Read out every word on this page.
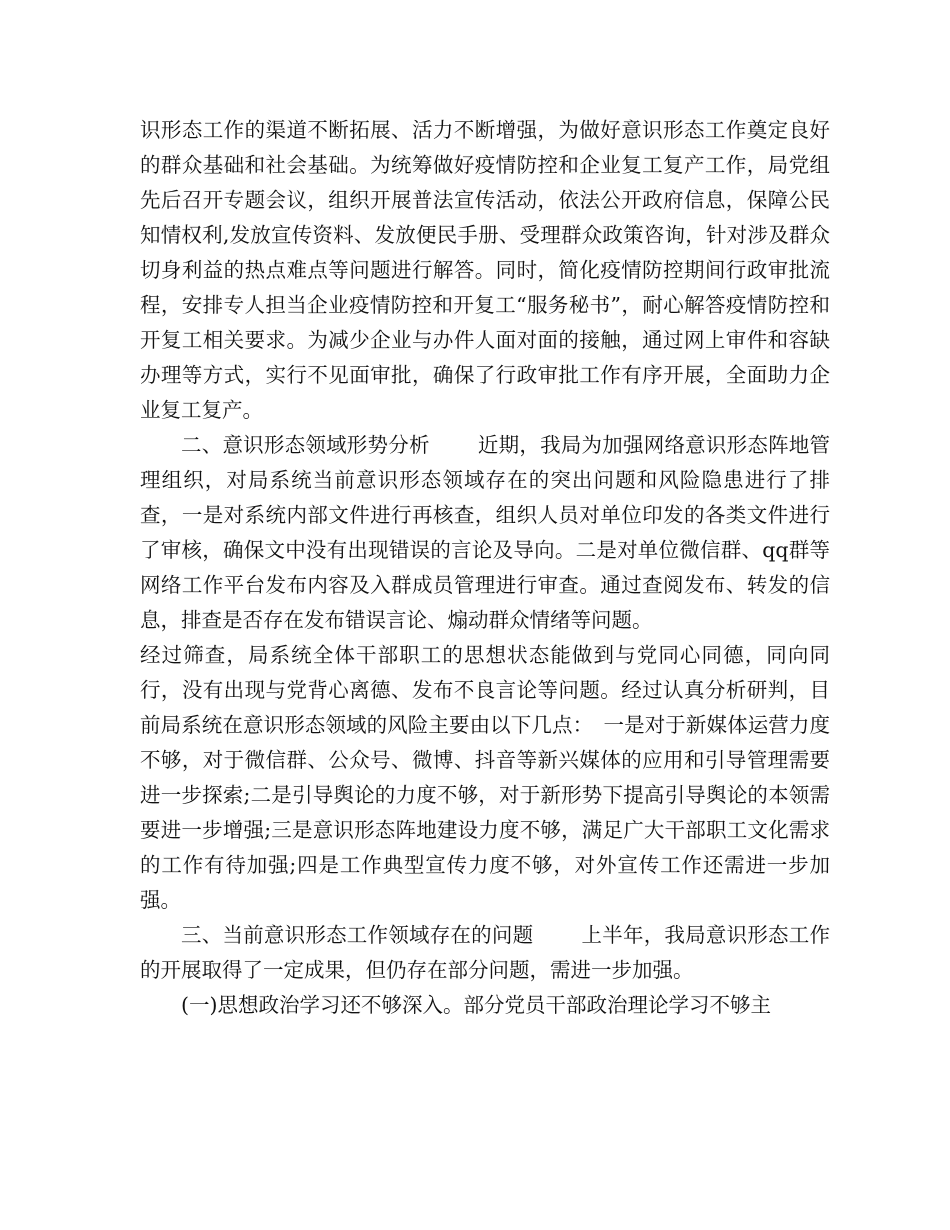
识形态工作的渠道不断拓展、活力不断增强，为做好意识形态工作奠定良好的群众基础和社会基础。为统筹做好疫情防控和企业复工复产工作，局党组先后召开专题会议，组织开展普法宣传活动，依法公开政府信息，保障公民知情权利,发放宣传资料、发放便民手册、受理群众政策咨询，针对涉及群众切身利益的热点难点等问题进行解答。同时，简化疫情防控期间行政审批流程，安排专人担当企业疫情防控和开复工“服务秘书”，耐心解答疫情防控和开复工相关要求。为减少企业与办件人面对面的接触，通过网上审件和容缺办理等方式，实行不见面审批，确保了行政审批工作有序开展，全面助力企业复工复产。

二、意识形态领域形势分析 近期，我局为加强网络意识形态阵地管理组织，对局系统当前意识形态领域存在的突出问题和风险隐患进行了排查，一是对系统内部文件进行再核查，组织人员对单位印发的各类文件进行了审核，确保文中没有出现错误的言论及导向。二是对单位微信群、qq群等网络工作平台发布内容及入群成员管理进行审查。通过查阅发布、转发的信息，排查是否存在发布错误言论、煽动群众情绪等问题。

经过筛查，局系统全体干部职工的思想状态能做到与党同心同德，同向同行，没有出现与党背心离德、发布不良言论等问题。经过认真分析研判，目前局系统在意识形态领域的风险主要由以下几点：　一是对于新媒体运营力度不够，对于微信群、公众号、微博、抖音等新兴媒体的应用和引导管理需要进一步探索;二是引导舆论的力度不够，对于新形势下提高引导舆论的本领需要进一步增强;三是意识形态阵地建设力度不够，满足广大干部职工文化需求的工作有待加强;四是工作典型宣传力度不够，对外宣传工作还需进一步加强。

三、当前意识形态工作领域存在的问题 上半年，我局意识形态工作的开展取得了一定成果，但仍存在部分问题，需进一步加强。

(一)思想政治学习还不够深入。部分党员干部政治理论学习不够主
